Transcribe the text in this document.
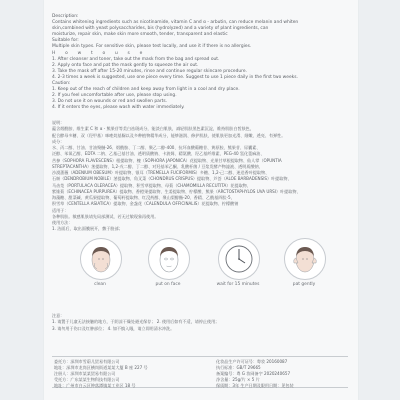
Description:
Contains whitening ingredients such as nicotinamide, vitamin C and α - arbutin, can reduce melanin and whiten
skin,combined with yeast polysaccharides, bis (hydrolyzed) and a variety of plant ingredients, can
moisturize, repair skin, make skin more smooth, tender, transparent and elastic
Suitable for:
Multiple skin types. For sensitive skin, please test locally, and use it if there is no allergies.
H o w t o u s e
1. After cleanser and toner, take out the mask from the bag and spread out.
2. Apply onto face and pat the mask gently to squeeze the air out.
3. Take the mask off after 15-20 minutes, rinse and continue regular skincare procedure.
4. 2-3 times a week is suggested, use one piece every time. Suggest to use 1 piece daily in the first two weeks.
Caution:
1. Keep out of the reach of children and keep away from light in a cool and dry place.
2. If you feel uncomfortable after use, please stop using.
3. Do not use it on wounds or red and swollen parts.
4. If it enters the eyes, please wash with water immediately.
说明：
蕴含烟酰胺、维生素 C 和 α - 熊果苷等美白祛斑成分，能淡白肌肤，减轻肌肤黑色素沉淀，维持肌肤白皙肤色，
配合酵母多糖、双（羟甲基）咪唑烷基脲以及多种植物精华成分，能够滋润、修护肌肤，使肌肤更加光滑、细嫩、透亮、有弹性。
成分：
水、丙二醇、甘油、甘油聚醚-26、烟酰胺、丁二醇、聚乙二醇-400、抗坏血酸葡糖苷、黄原胶、熊果苷、尿囊素、
泛醇、苯氧乙醇、EDTA 二钠、乙基己基甘油、透明质酸钠、卡波姆、精氨酸、羟乙基纤维素、PEG-40 氢化蓖麻油、
苦参（SOPHORA FLAVESCENS）根提取物、槐（SOPHORA JAPONICA）花提取物、光果甘草根提取物、仙人掌（OPUNTIA
STREPTACANTHA）茎提取物、1,2-戊二醇、丁二醇、对羟基苯乙酮、乳酸杆菌 / 豆浆发酵产物滤液、透明质酸钠、
沙漠蔷薇（ADENIUM OBESUM）叶提取物、银耳（TREMELLA FUCIFORMIS）多糖、1,2-己二醇、迷迭香叶提取物、
石斛（DENDROBIUM NOBILE）茎提取物、角叉菜（CHONDRUS CRISPUS）提取物、芦荟（ALOE BARBADENSIS）叶提取物、
马齿苋（PORTULACA OLERACEA）提取物、积雪草提取物、母菊（CHAMOMILLA RECUTITA）花提取物、
紫锥菊（ECHINACEA PURPUREA）提取物、香橙果提取物、生姜提取物、柠檬酸、熊果（ARCTOSTAPHYLOS UVA URSI）叶提取物、
海藻糖、甜菜碱、黄瓜果提取物、葡萄籽提取物、红没药醇、聚山梨醇酯-20、香精、乙酰基四肽-5、
积雪草（CENTELLA ASIATICA）提取物、金盏花（CALENDULA OFFICINALIS）花提取物、柠檬酸钠
适用于：
各种肌肤。敏感肌肤请先局部测试，若无过敏现象再使用。
使用方法：
1. 洁面后，取出面膜展开，敷于脸部；
clean	put on face	wait for 15 minutes	pat gently
注意：
1. 请置于儿童无法接触的地方，于阴凉干燥处避光保存； 2. 使用后如有不适，请停止使用；
3. 请勿用于伤口及红肿部位； 4. 如不慎入眼，请立即用清水冲洗。
委托方：深圳市雪蔚儿贸易有限公司
地址：深圳市龙岗区横岗街道某某大厦 B 座 227 号
注册人：深圳市某某贸易有限公司
受托方：广东某某生物科技有限公司
地址：广州市白云区钟落潭镇某工业区 18 号
化妆品生产许可证号：粤妆 20160087
执行标准：GB/T 29665
备案编号：粤 G 妆网备字 2020240657
净含量：25g/片 × 5 片
保质期：3年 生产日期及限用日期：见包装
